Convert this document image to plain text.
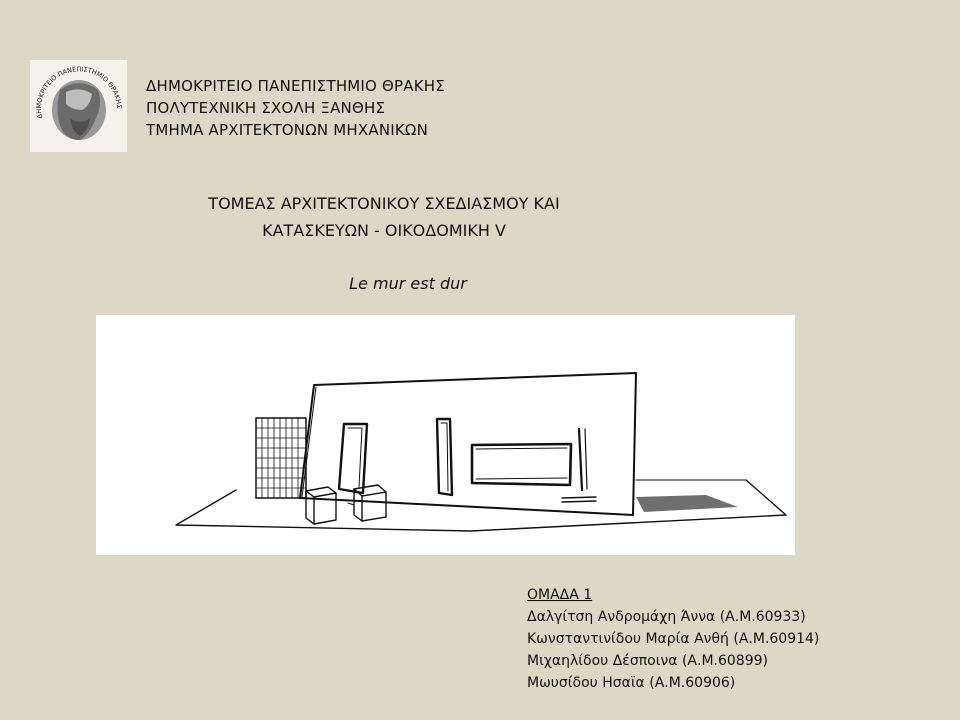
ΔΗΜΟΚΡΙΤΕΙΟ ΠΑΝΕΠΙΣΤΗΜΙΟ ΘΡΑΚΗΣ
ΔΗΜΟΚΡΙΤΕΙΟ ΠΑΝΕΠΙΣΤΗΜΙΟ ΘΡΑΚΗΣ
ΠΟΛΥΤΕΧΝΙΚΗ ΣΧΟΛΗ ΞΑΝΘΗΣ
ΤΜΗΜΑ ΑΡΧΙΤΕΚΤΟΝΩΝ ΜΗΧΑΝΙΚΩΝ
ΤΟΜΕΑΣ ΑΡΧΙΤΕΚΤΟΝΙΚΟΥ ΣΧΕΔΙΑΣΜΟΥ ΚΑΙ
ΚΑΤΑΣΚΕΥΩΝ - ΟΙΚΟΔΟΜΙΚΗ V
Le mur est dur
ΟΜΑΔΑ 1
Δαλγίτση Ανδρομάχη Άννα (Α.Μ.60933)
Κωνσταντινίδου Μαρία Ανθή (Α.Μ.60914)
Μιχαηλίδου Δέσποινα (Α.Μ.60899)
Μωυσίδου Ησαϊα (Α.Μ.60906)
